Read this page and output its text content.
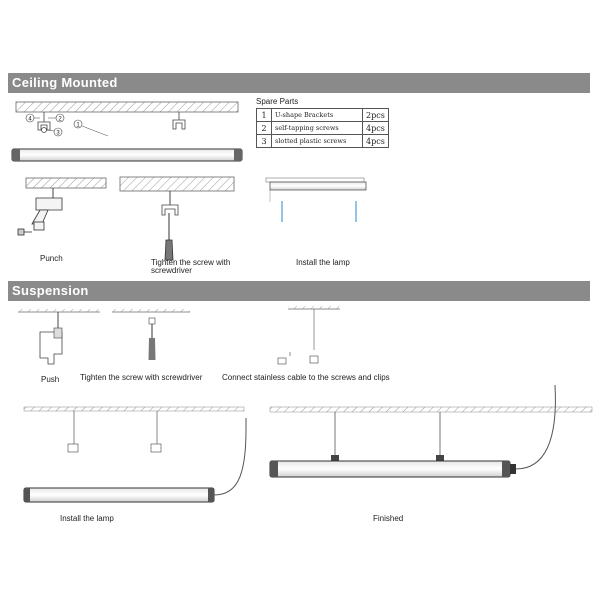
Ceiling Mounted
Suspension
Spare Parts
1	U-shape Brackets	2pcs
2	self-tapping screws	4pcs
3	slotted plastic screws	4pcs
4	2
3
1
Punch	Tighten the screw with
screwdriver
Install the lamp
Push	Tighten the screw with screwdriver Connect stainless cable to the screws and clips
Install the lamp	Finished
